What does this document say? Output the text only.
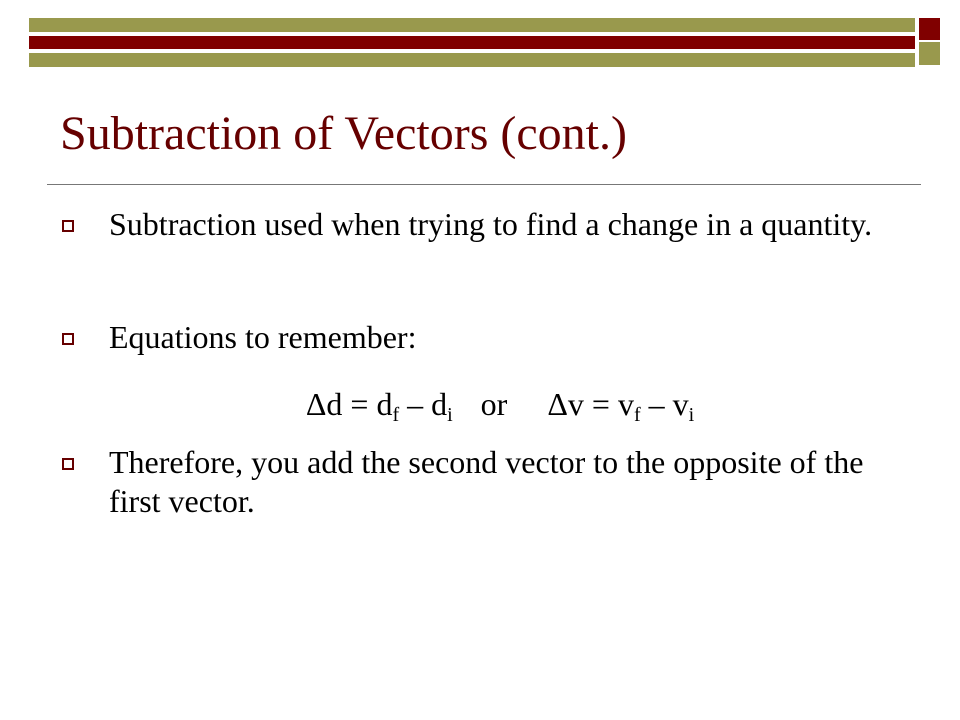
Subtraction of Vectors (cont.)
Subtraction used when trying to find a change in a quantity.
Equations to remember:
Therefore, you add the second vector to the opposite of the first vector.
$\Delta d = d_f - d_i$ or $\Delta v = v_f - v_i$
